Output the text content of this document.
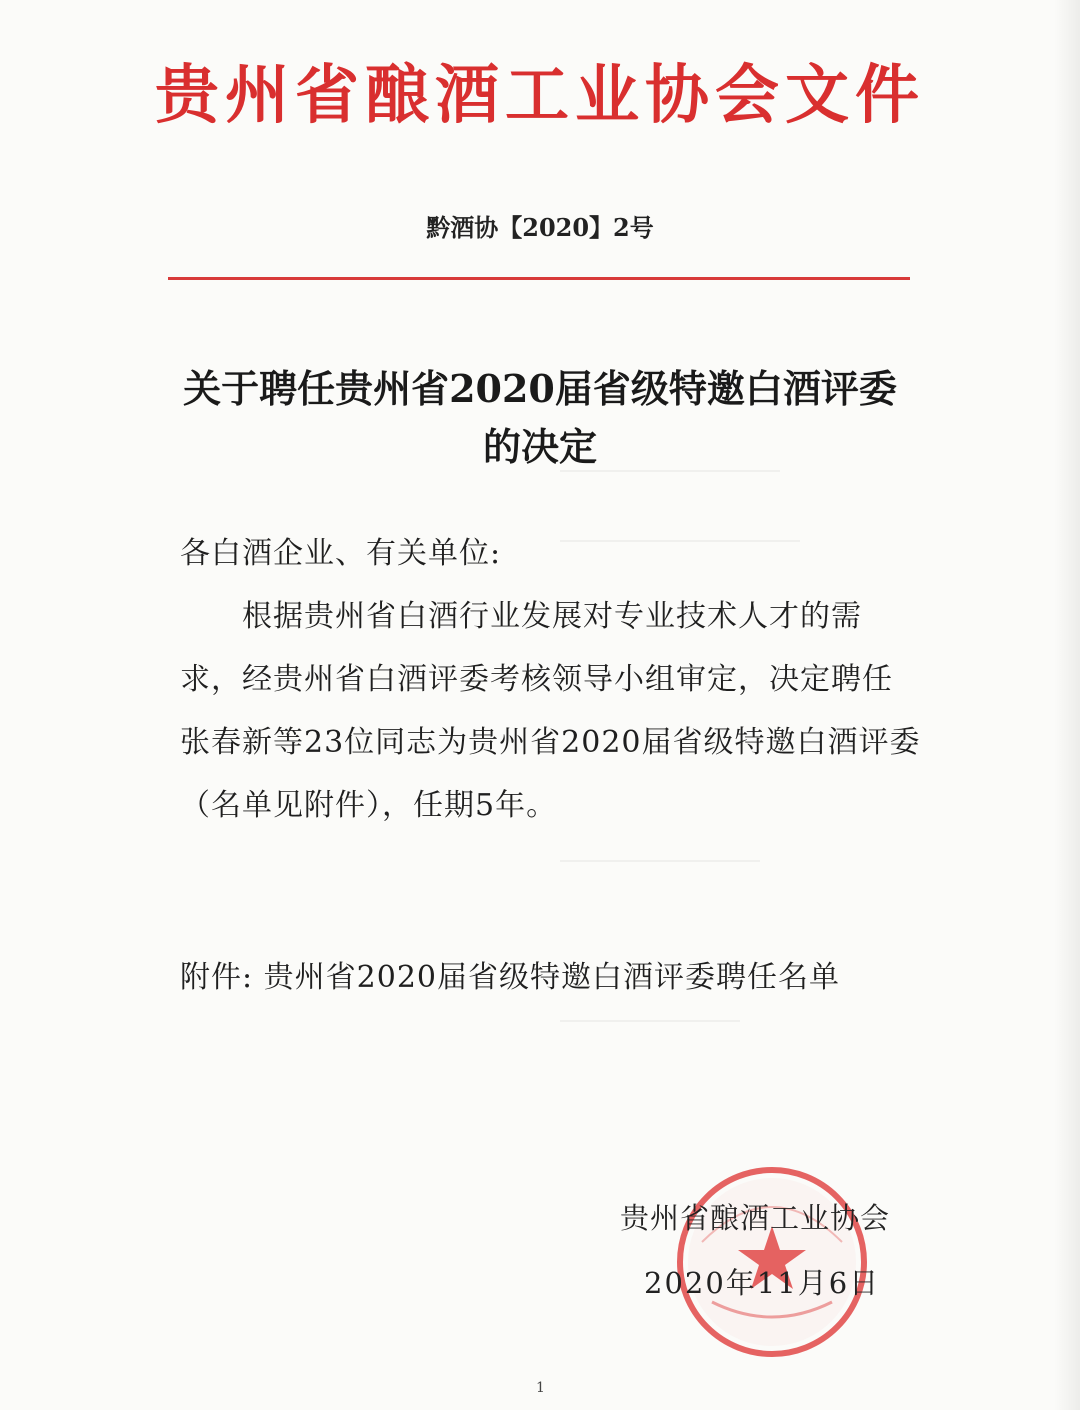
贵州省酿酒工业协会文件
黔酒协【2020】2号
关于聘任贵州省2020届省级特邀白酒评委
的决定
各白酒企业、有关单位:
根据贵州省白酒行业发展对专业技术人才的需
求，经贵州省白酒评委考核领导小组审定，决定聘任
张春新等23位同志为贵州省2020届省级特邀白酒评委
（名单见附件），任期5年。
附件: 贵州省2020届省级特邀白酒评委聘任名单
贵州省酿酒工业协会
2020年11月6日
1
